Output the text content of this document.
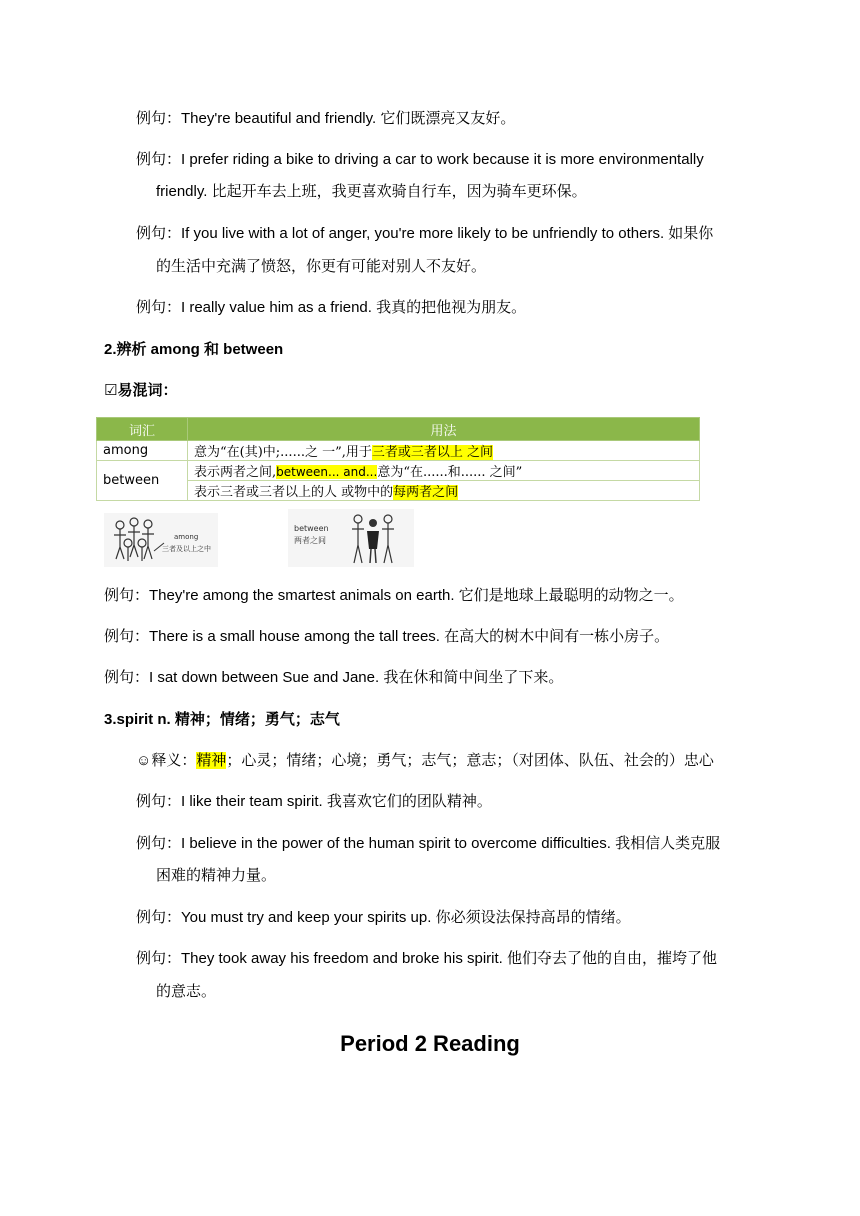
例句：They're beautiful and friendly. 它们既漂亮又友好。
例句：I prefer riding a bike to driving a car to work because it is more environmentally
friendly. 比起开车去上班，我更喜欢骑自行车，因为骑车更环保。
例句：If you live with a lot of anger, you're more likely to be unfriendly to others. 如果你
的生活中充满了愤怒，你更有可能对别人不友好。
例句：I really value him as a friend. 我真的把他视为朋友。
2.辨析 among 和 between
☑易混词：
词汇	用法
among	意为“在(其)中;......之 一”,用于三者或三者以上 之间
between	表示两者之间,between... and...意为“在......和...... 之间”
	表示三者或三者以上的人 或物中的每两者之间
among
三者及以上之中
between
两者之间
例句：They're among the smartest animals on earth. 它们是地球上最聪明的动物之一。
例句：There is a small house among the tall trees. 在高大的树木中间有一栋小房子。
例句：I sat down between Sue and Jane. 我在休和简中间坐了下来。
3.spirit n. 精神；情绪；勇气；志气
☺释义：精神；心灵；情绪；心境；勇气；志气；意志；（对团体、队伍、社会的）忠心
例句：I like their team spirit. 我喜欢它们的团队精神。
例句：I believe in the power of the human spirit to overcome difficulties. 我相信人类克服
困难的精神力量。
例句：You must try and keep your spirits up. 你必须设法保持高昂的情绪。
例句：They took away his freedom and broke his spirit. 他们夺去了他的自由，摧垮了他
的意志。
Period 2 Reading
